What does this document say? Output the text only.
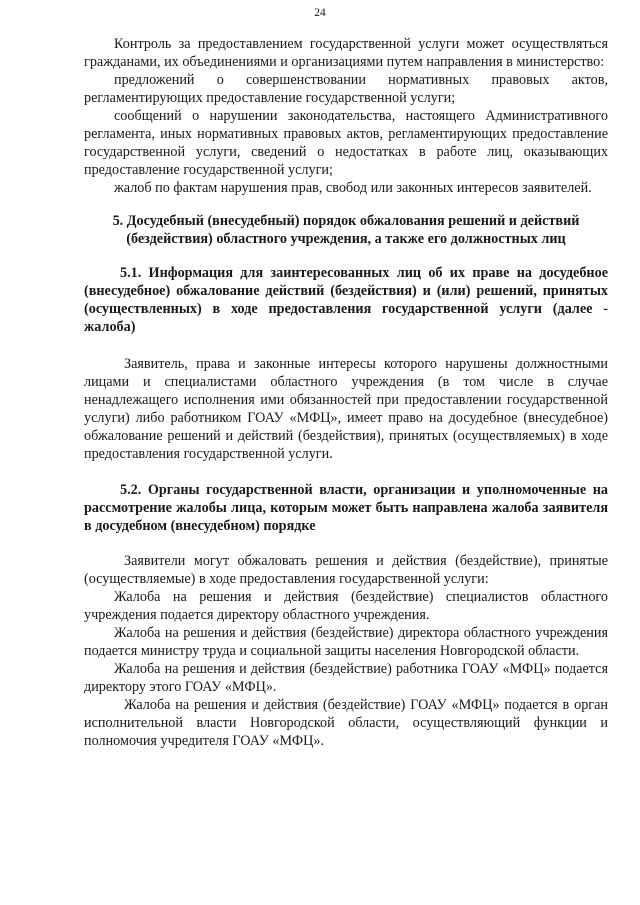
24

Контроль за предоставлением государственной услуги может осуществляться гражданами, их объединениями и организациями путем направления в министерство:

предложений о совершенствовании нормативных правовых актов, регламентирующих предоставление государственной услуги;

сообщений о нарушении законодательства, настоящего Административного регламента, иных нормативных правовых актов, регламентирующих предоставление государственной услуги, сведений о недостатках в работе лиц, оказывающих предоставление государственной услуги;

жалоб по фактам нарушения прав, свобод или законных интересов заявителей.

5. Досудебный (внесудебный) порядок обжалования решений и действий (бездействия) областного учреждения, а также его должностных лиц

5.1. Информация для заинтересованных лиц об их праве на досудебное (внесудебное) обжалование действий (бездействия) и (или) решений, принятых (осуществленных) в ходе предоставления государственной услуги (далее - жалоба)

Заявитель, права и законные интересы которого нарушены должностными лицами и специалистами областного учреждения (в том числе в случае ненадлежащего исполнения ими обязанностей при предоставлении государственной услуги) либо работником ГОАУ «МФЦ», имеет право на досудебное (внесудебное) обжалование решений и действий (бездействия), принятых (осуществляемых) в ходе предоставления государственной услуги.

5.2. Органы государственной власти, организации и уполномоченные на рассмотрение жалобы лица, которым может быть направлена жалоба заявителя в досудебном (внесудебном) порядке

Заявители могут обжаловать решения и действия (бездействие), принятые (осуществляемые) в ходе предоставления государственной услуги:

Жалоба на решения и действия (бездействие) специалистов областного учреждения подается директору областного учреждения.

Жалоба на решения и действия (бездействие) директора областного учреждения подается министру труда и социальной защиты населения Новгородской области.

Жалоба на решения и действия (бездействие) работника ГОАУ «МФЦ» подается директору этого ГОАУ «МФЦ».

Жалоба на решения и действия (бездействие) ГОАУ «МФЦ» подается в орган исполнительной власти Новгородской области, осуществляющий функции и полномочия учредителя ГОАУ «МФЦ».
